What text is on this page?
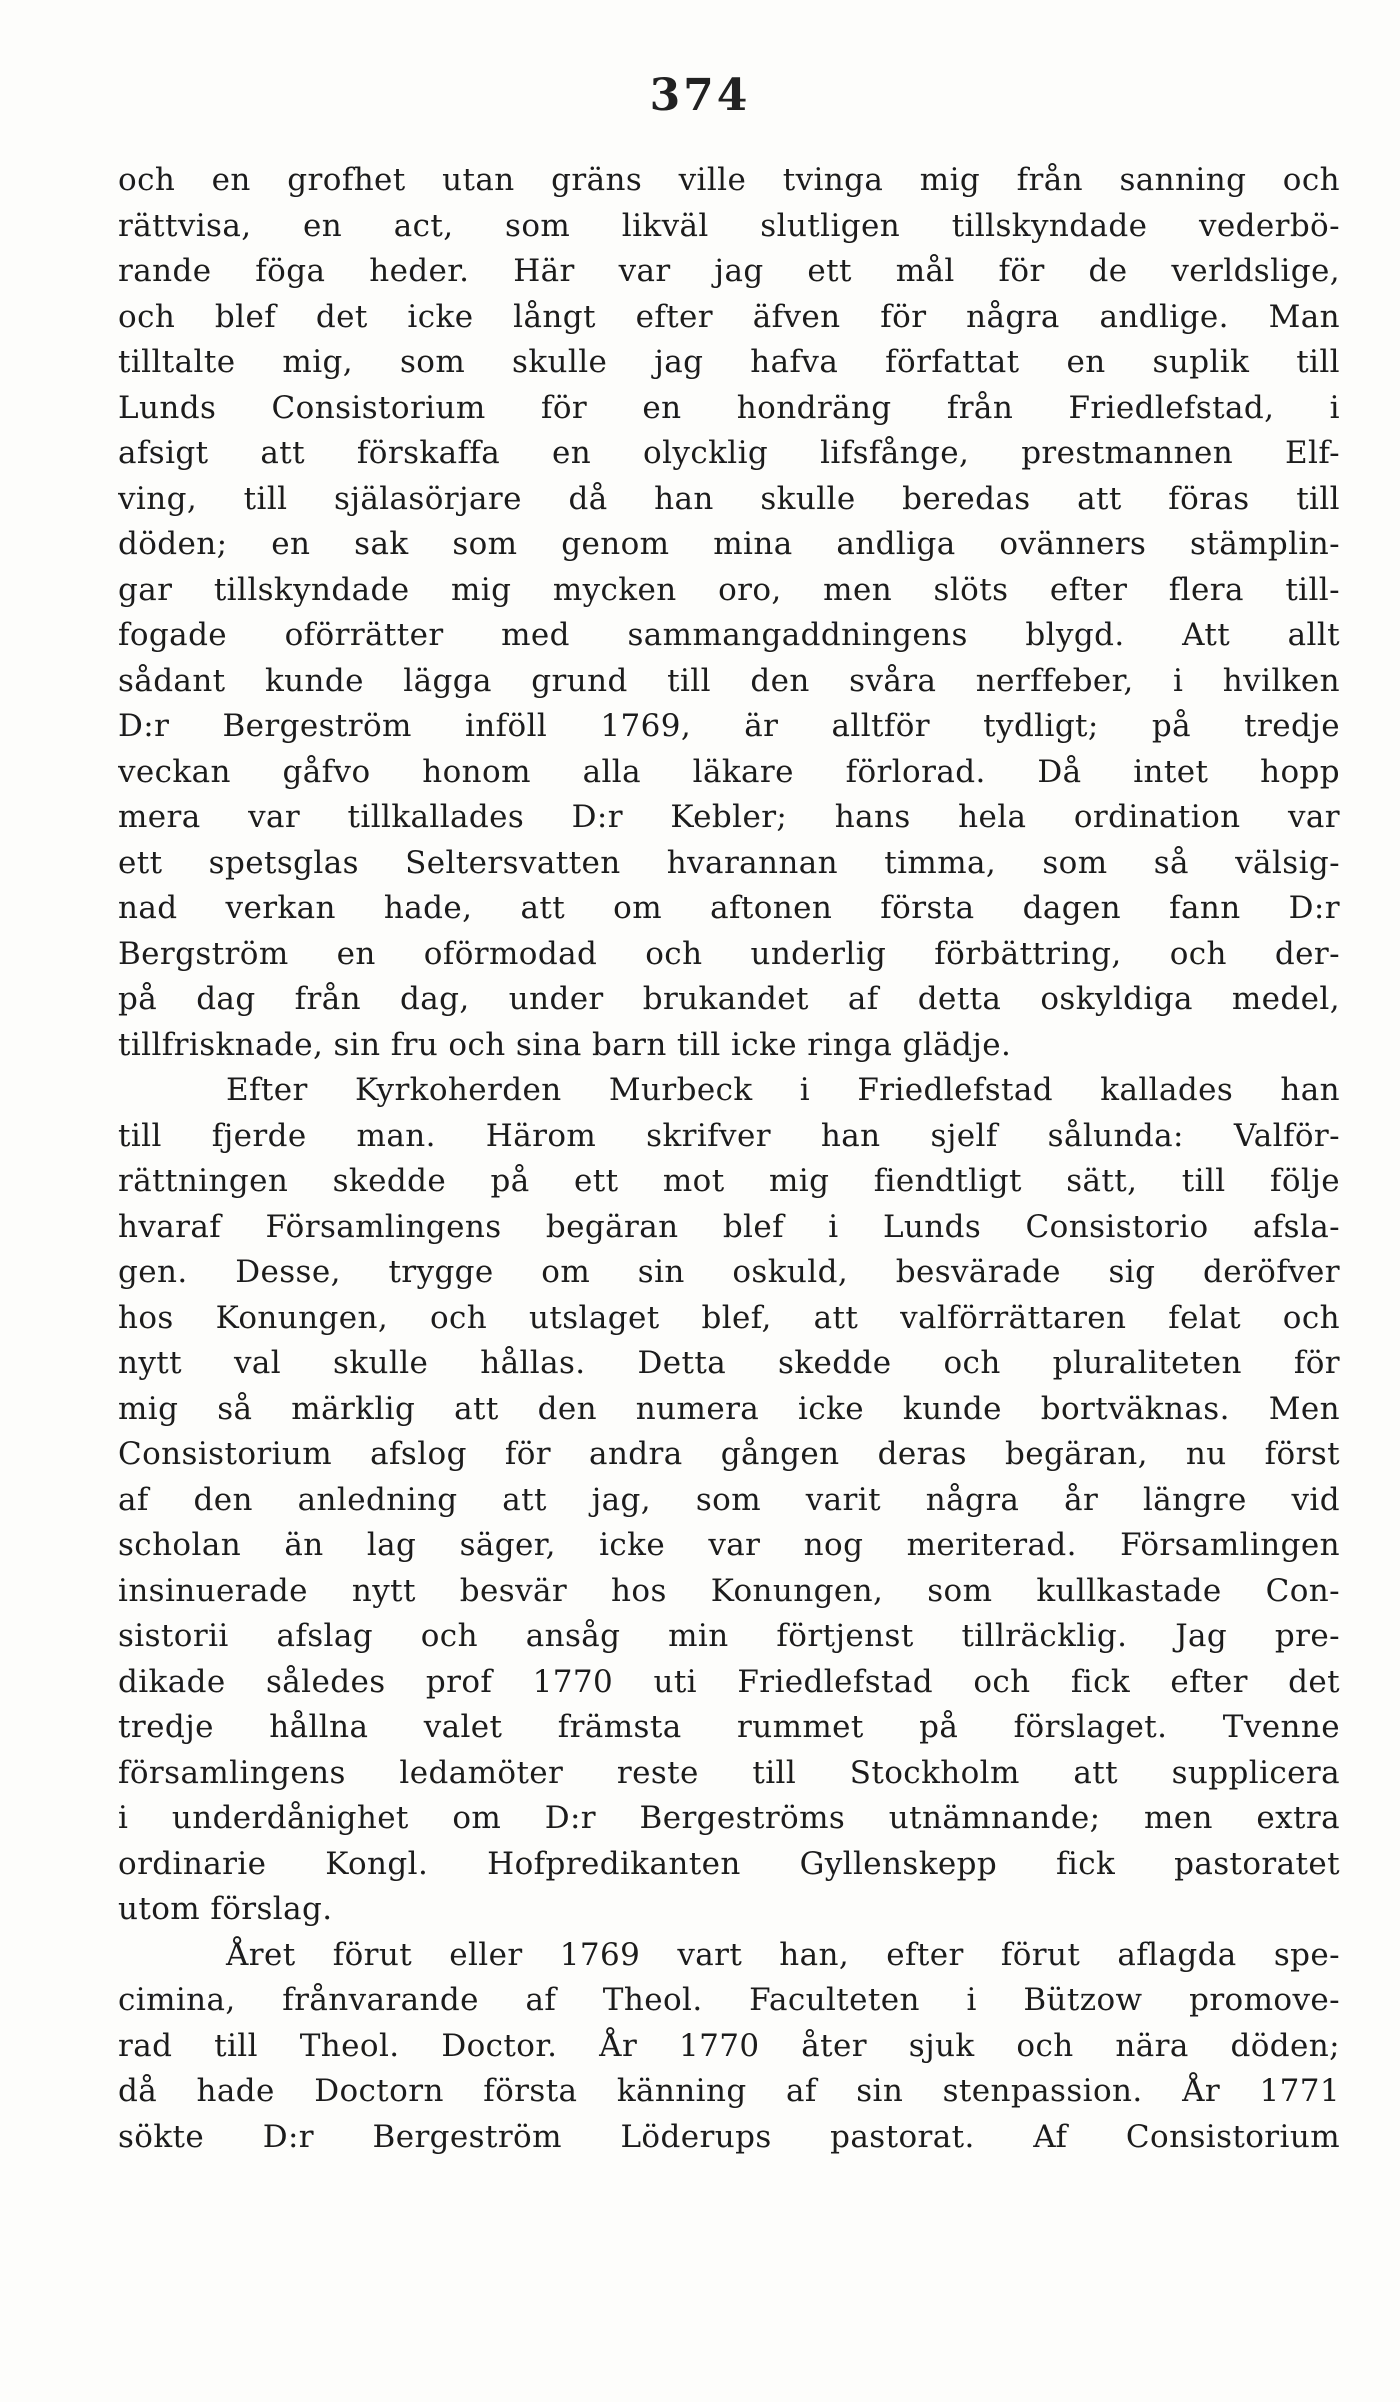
374
och en grofhet utan gräns ville tvinga mig från sanning och
rättvisa, en act, som likväl slutligen tillskyndade vederbö-
rande föga heder. Här var jag ett mål för de verldslige,
och blef det icke långt efter äfven för några andlige. Man
tilltalte mig, som skulle jag hafva författat en suplik till
Lunds Consistorium för en hondräng från Friedlefstad, i
afsigt att förskaffa en olycklig lifsfånge, prestmannen Elf-
ving, till själasörjare då han skulle beredas att föras till
döden; en sak som genom mina andliga ovänners stämplin-
gar tillskyndade mig mycken oro, men slöts efter flera till-
fogade oförrätter med sammangaddningens blygd. Att allt
sådant kunde lägga grund till den svåra nerffeber, i hvilken
D:r Bergeström inföll 1769, är alltför tydligt; på tredje
veckan gåfvo honom alla läkare förlorad. Då intet hopp
mera var tillkallades D:r Kebler; hans hela ordination var
ett spetsglas Seltersvatten hvarannan timma, som så välsig-
nad verkan hade, att om aftonen första dagen fann D:r
Bergström en oförmodad och underlig förbättring, och der-
på dag från dag, under brukandet af detta oskyldiga medel,
tillfrisknade, sin fru och sina barn till icke ringa glädje.
Efter Kyrkoherden Murbeck i Friedlefstad kallades han
till fjerde man. Härom skrifver han sjelf sålunda: Valför-
rättningen skedde på ett mot mig fiendtligt sätt, till följe
hvaraf Församlingens begäran blef i Lunds Consistorio afsla-
gen. Desse, trygge om sin oskuld, besvärade sig deröfver
hos Konungen, och utslaget blef, att valförrättaren felat och
nytt val skulle hållas. Detta skedde och pluraliteten för
mig så märklig att den numera icke kunde bortväknas. Men
Consistorium afslog för andra gången deras begäran, nu först
af den anledning att jag, som varit några år längre vid
scholan än lag säger, icke var nog meriterad. Församlingen
insinuerade nytt besvär hos Konungen, som kullkastade Con-
sistorii afslag och ansåg min förtjenst tillräcklig. Jag pre-
dikade således prof 1770 uti Friedlefstad och fick efter det
tredje hållna valet främsta rummet på förslaget. Tvenne
församlingens ledamöter reste till Stockholm att supplicera
i underdånighet om D:r Bergeströms utnämnande; men extra
ordinarie Kongl. Hofpredikanten Gyllenskepp fick pastoratet
utom förslag.
Året förut eller 1769 vart han, efter förut aflagda spe-
cimina, frånvarande af Theol. Faculteten i Bützow promove-
rad till Theol. Doctor. År 1770 åter sjuk och nära döden;
då hade Doctorn första känning af sin stenpassion. År 1771
sökte D:r Bergeström Löderups pastorat. Af Consistorium
